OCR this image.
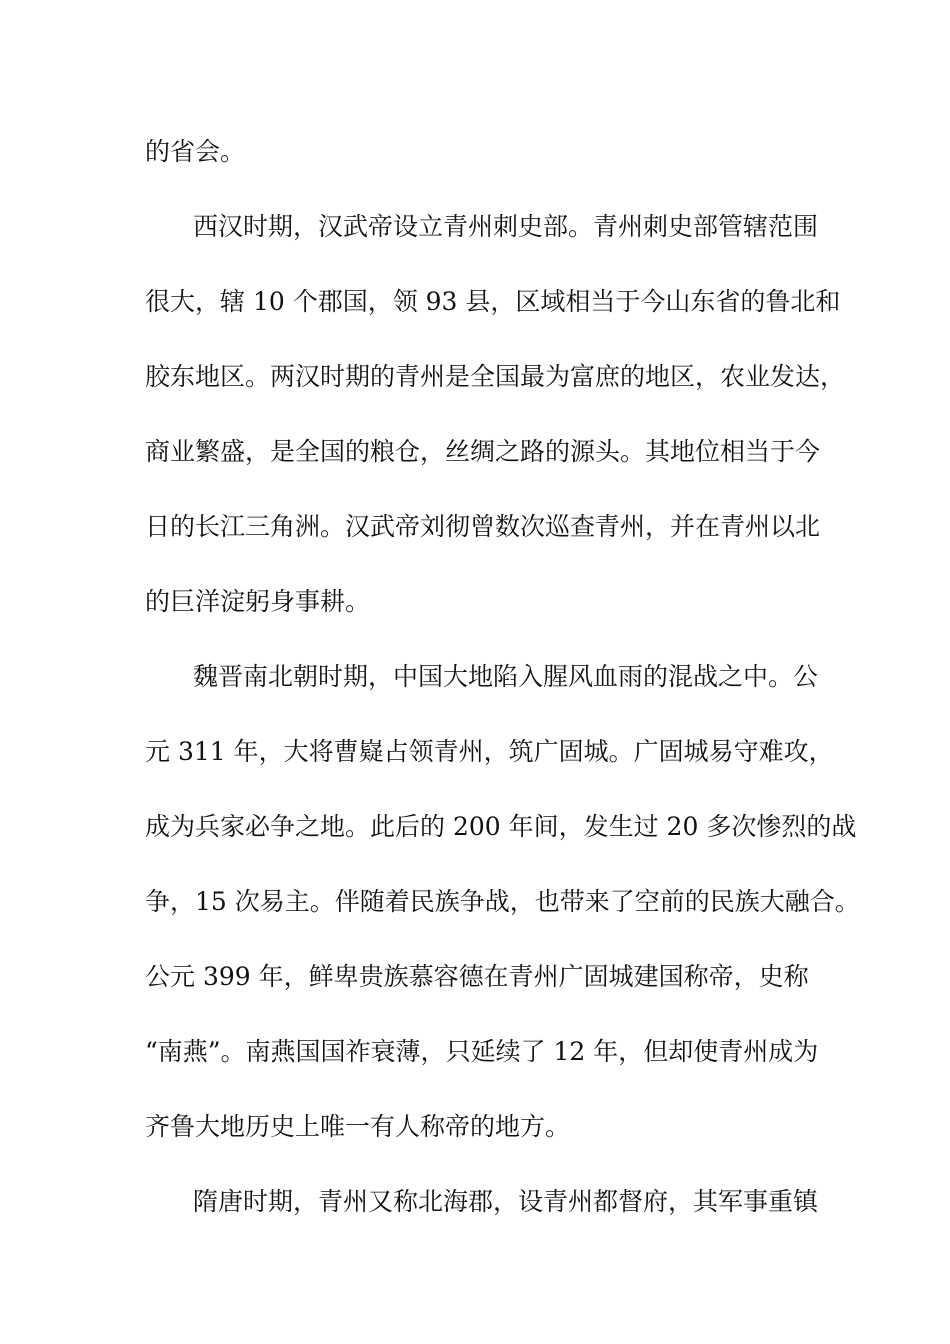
的省会。
西汉时期，汉武帝设立青州刺史部。青州刺史部管辖范围
很大，辖 10 个郡国，领 93 县，区域相当于今山东省的鲁北和
胶东地区。两汉时期的青州是全国最为富庶的地区，农业发达，
商业繁盛，是全国的粮仓，丝绸之路的源头。其地位相当于今
日的长江三角洲。汉武帝刘彻曾数次巡查青州，并在青州以北
的巨洋淀躬身事耕。
魏晋南北朝时期，中国大地陷入腥风血雨的混战之中。公
元 311 年，大将曹嶷占领青州，筑广固城。广固城易守难攻，
成为兵家必争之地。此后的 200 年间，发生过 20 多次惨烈的战
争，15 次易主。伴随着民族争战，也带来了空前的民族大融合。
公元 399 年，鲜卑贵族慕容德在青州广固城建国称帝，史称
“南燕”。南燕国国祚衰薄，只延续了 12 年，但却使青州成为
齐鲁大地历史上唯一有人称帝的地方。
隋唐时期，青州又称北海郡，设青州都督府，其军事重镇
